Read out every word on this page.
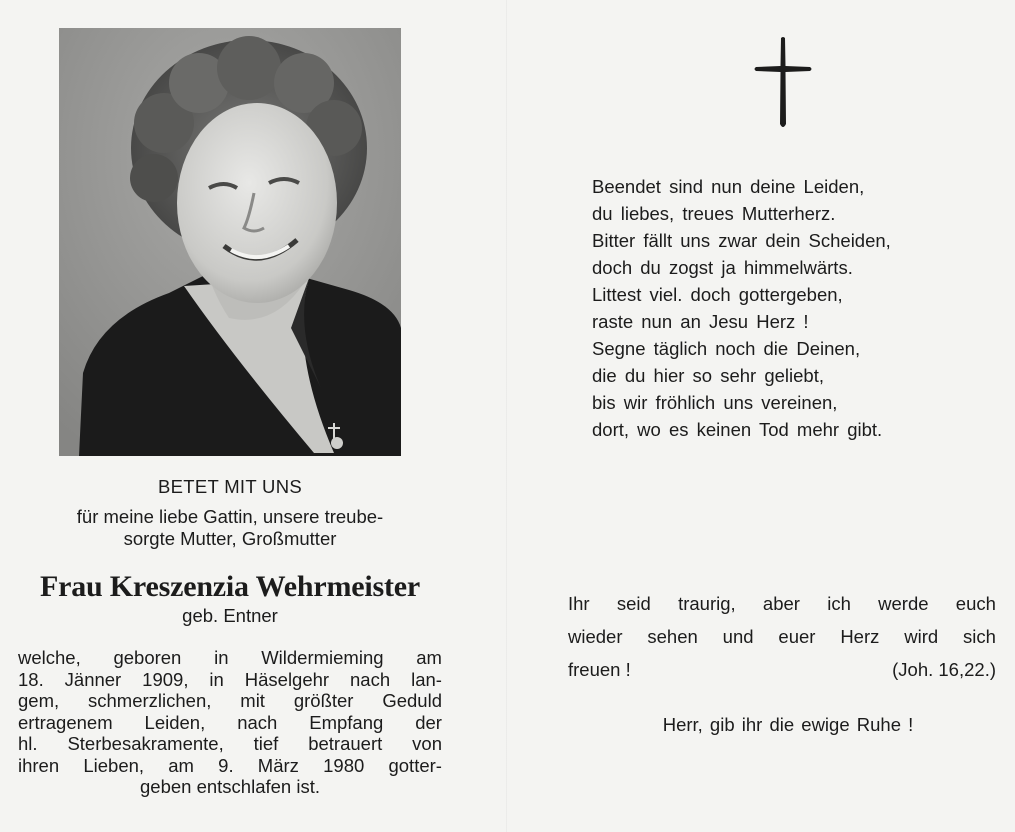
BETET MIT UNS
für meine liebe Gattin, unsere treube-
sorgte Mutter, Großmutter
Frau Kreszenzia Wehrmeister
geb. Entner
welche, geboren in Wildermieming am
18. Jänner 1909, in Häselgehr nach lan-
gem, schmerzlichen, mit größter Geduld
ertragenem Leiden, nach Empfang der
hl. Sterbesakramente, tief betrauert von
ihren Lieben, am 9. März 1980 gotter-
geben entschlafen ist.
Beendet sind nun deine Leiden,
du liebes, treues Mutterherz.
Bitter fällt uns zwar dein Scheiden,
doch du zogst ja himmelwärts.
Littest viel. doch gottergeben,
raste nun an Jesu Herz !
Segne täglich noch die Deinen,
die du hier so sehr geliebt,
bis wir fröhlich uns vereinen,
dort, wo es keinen Tod mehr gibt.
Ihr seid traurig, aber ich werde euch
wieder sehen und euer Herz wird sich
freuen !	(Joh. 16,22.)
Herr, gib ihr die ewige Ruhe !
